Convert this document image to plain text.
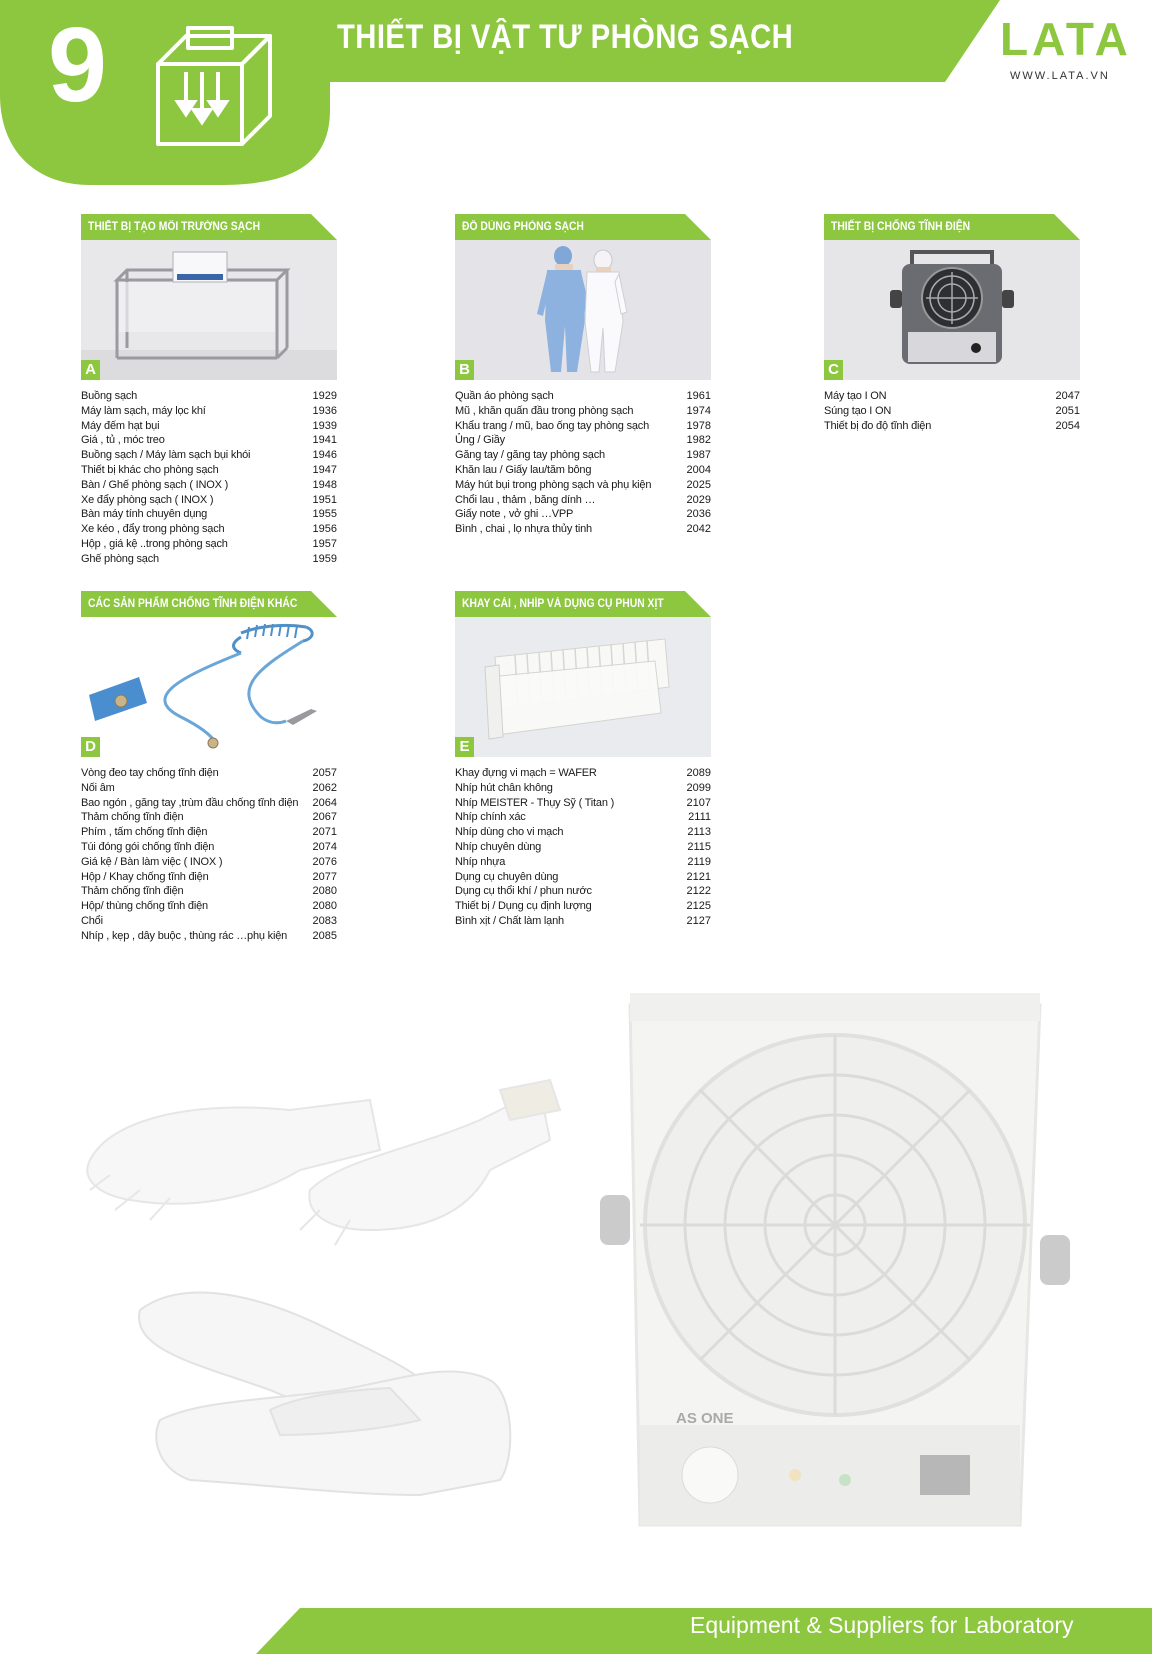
9	THIẾT BỊ VẬT TƯ PHÒNG SẠCH	LATA
WWW.LATA.VN
THIẾT BỊ TẠO MÔI TRƯỜNG SẠCH
A
Buồng sạch	1929
Máy làm sạch, máy lọc khí	1936
Máy đếm hạt bụi	1939
Giá , tủ , móc treo	1941
Buồng sạch / Máy làm sạch bụi khói	1946
Thiết bị khác cho phòng sạch	1947
Bàn / Ghế phòng sạch ( INOX )	1948
Xe đẩy phòng sạch ( INOX )	1951
Bàn máy tính chuyên dụng	1955
Xe kéo , đẩy trong phòng sạch	1956
Hộp , giá kệ ..trong phòng sạch	1957
Ghế phòng sạch	1959
ĐỒ DÙNG PHÒNG SẠCH
B
Quần áo phòng sạch	1961
Mũ , khăn quấn đầu trong phòng sạch	1974
Khẩu trang / mũ, bao ống tay phòng sạch	1978
Ủng / Giầy	1982
Găng tay / găng tay phòng sạch	1987
Khăn lau / Giấy lau/tăm bông	2004
Máy hút bụi trong phòng sạch và phụ kiện	2025
Chổi lau , thảm , băng dính …	2029
Giấy note , vở ghi …VPP	2036
Bình , chai , lọ nhựa thủy tinh	2042
THIẾT BỊ CHỐNG TĨNH ĐIỆN
C
Máy tạo I ON	2047
Súng tạo I ON	2051
Thiết bị đo độ tĩnh điện	2054
CÁC SẢN PHẨM CHỐNG TĨNH ĐIỆN KHÁC
D
Vòng đeo tay chống tĩnh điện	2057
Nối âm	2062
Bao ngón , găng tay ,trùm đầu chống tĩnh điện 2064
Thảm chống tĩnh điện	2067
Phím , tấm chống tĩnh điện	2071
Túi đóng gói chống tĩnh điện	2074
Giá kệ / Bàn làm việc ( INOX )	2076
Hộp / Khay chống tĩnh điện	2077
Thảm chống tĩnh điện	2080
Hộp/ thùng chống tĩnh điện	2080
Chổi	2083
Nhíp , kẹp , dây buộc , thùng rác …phụ kiện 2085
KHAY CÀI , NHÍP VÀ DỤNG CỤ PHUN XỊT
E
Khay đựng vi mạch = WAFER	2089
Nhíp hút chân không	2099
Nhíp MEISTER - Thụy Sỹ ( Titan )	2107
Nhíp chính xác	2111
Nhíp dùng cho vi mạch	2113
Nhíp chuyên dùng	2115
Nhíp nhựa	2119
Dụng cụ chuyên dùng	2121
Dụng cụ thổi khí / phun nước	2122
Thiết bị / Dụng cụ định lượng	2125
Bình xịt / Chất làm lạnh	2127
AS ONE
Equipment & Suppliers for Laboratory
